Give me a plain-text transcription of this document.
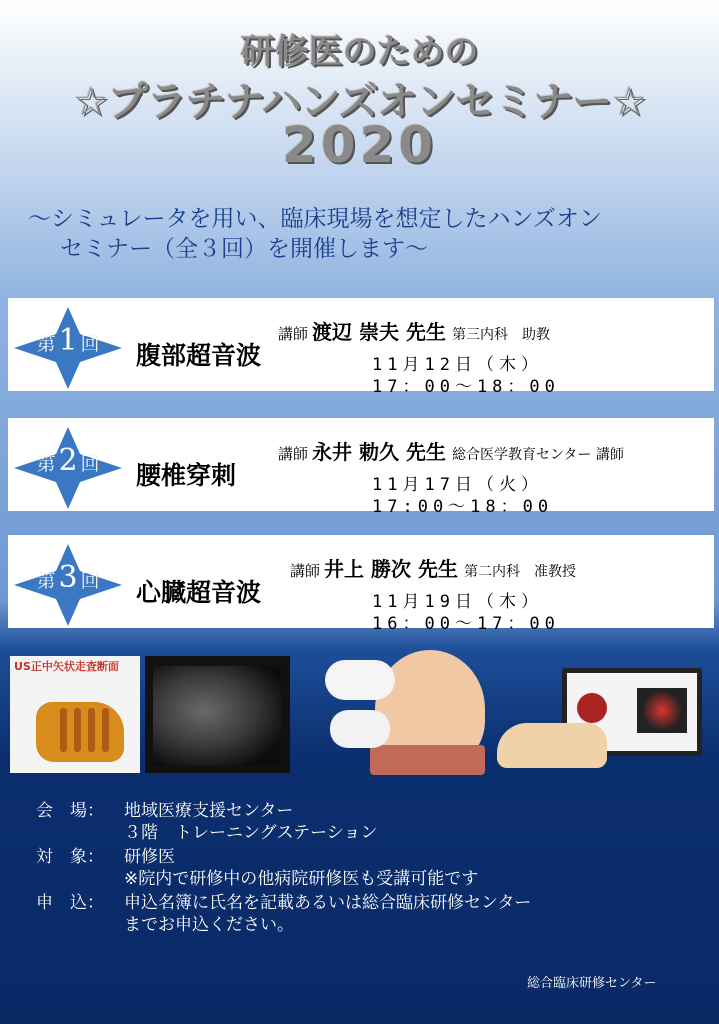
研修医のための
☆プラチナハンズオンセミナー☆
2020
～シミュレータを用い、臨床現場を想定したハンズオン
セミナー（全３回）を開催します～
第 1 回	腹部超音波
講師 渡辺 崇夫 先生 第三内科　助教
11月12日（木）
17：00～18：00
第 2 回	腰椎穿刺
講師 永井 勅久 先生 総合医学教育センター 講師
11月17日（火）
17:00～18：00
第 3 回	心臓超音波
講師 井上 勝次 先生 第二内科　准教授
11月19日（木）
16：00～17：00
US正中矢状走査断面
会　場： 地域医療支援センター
３階　トレーニングステーション
対　象： 研修医
※院内で研修中の他病院研修医も受講可能です
申　込： 申込名簿に氏名を記載あるいは総合臨床研修センター
までお申込ください。
総合臨床研修センター
